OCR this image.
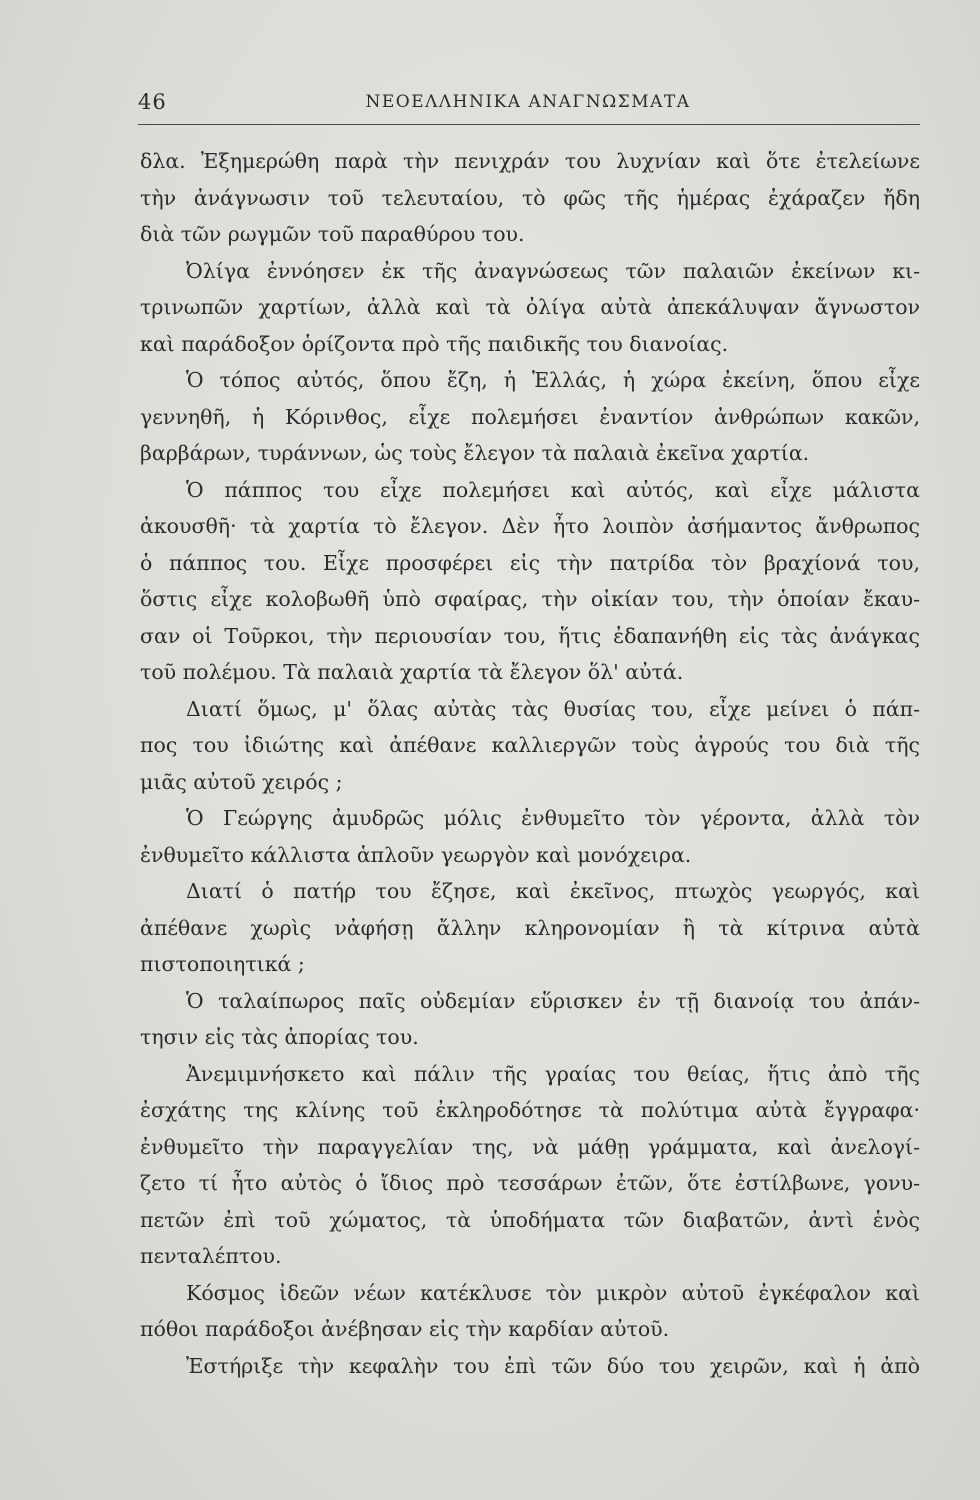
46	ΝΕΟΕΛΛΗΝΙΚΑ ΑΝΑΓΝΩΣΜΑΤΑ
δλα. Ἐξημερώθη παρὰ τὴν πενιχράν του λυχνίαν καὶ ὅτε ἐτελείωνε
τὴν ἀνάγνωσιν τοῦ τελευταίου, τὸ φῶς τῆς ἡμέρας ἐχάραζεν ἤδη
διὰ τῶν ρωγμῶν τοῦ παραθύρου του.
Ὀλίγα ἐννόησεν ἐκ τῆς ἀναγνώσεως τῶν παλαιῶν ἐκείνων κι-
τρινωπῶν χαρτίων, ἀλλὰ καὶ τὰ ὀλίγα αὐτὰ ἀπεκάλυψαν ἄγνωστον
καὶ παράδοξον ὁρίζοντα πρὸ τῆς παιδικῆς του διανοίας.
Ὁ τόπος αὐτός, ὅπου ἔζη, ἡ Ἑλλάς, ἡ χώρα ἐκείνη, ὅπου εἶχε
γεννηθῆ, ἡ Κόρινθος, εἶχε πολεμήσει ἐναντίον ἀνθρώπων κακῶν,
βαρβάρων, τυράννων, ὡς τοὺς ἔλεγον τὰ παλαιὰ ἐκεῖνα χαρτία.
Ὁ πάππος του εἶχε πολεμήσει καὶ αὐτός, καὶ εἶχε μάλιστα
ἀκουσθῆ· τὰ χαρτία τὸ ἔλεγον. Δὲν ἦτο λοιπὸν ἀσήμαντος ἄνθρωπος
ὁ πάππος του. Εἶχε προσφέρει εἰς τὴν πατρίδα τὸν βραχίονά του,
ὅστις εἶχε κολοβωθῆ ὑπὸ σφαίρας, τὴν οἰκίαν του, τὴν ὁποίαν ἔκαυ-
σαν οἱ Τοῦρκοι, τὴν περιουσίαν του, ἥτις ἐδαπανήθη εἰς τὰς ἀνάγκας
τοῦ πολέμου. Τὰ παλαιὰ χαρτία τὰ ἔλεγον ὅλ' αὐτά.
Διατί ὅμως, μ' ὅλας αὐτὰς τὰς θυσίας του, εἶχε μείνει ὁ πάπ-
πος του ἰδιώτης καὶ ἀπέθανε καλλιεργῶν τοὺς ἀγρούς του διὰ τῆς
μιᾶς αὐτοῦ χειρός ;
Ὁ Γεώργης ἀμυδρῶς μόλις ἐνθυμεῖτο τὸν γέροντα, ἀλλὰ τὸν
ἐνθυμεῖτο κάλλιστα ἁπλοῦν γεωργὸν καὶ μονόχειρα.
Διατί ὁ πατήρ του ἔζησε, καὶ ἐκεῖνος, πτωχὸς γεωργός, καὶ
ἀπέθανε χωρὶς νἀφήσῃ ἄλλην κληρονομίαν ἢ τὰ κίτρινα αὐτὰ
πιστοποιητικά ;
Ὁ ταλαίπωρος παῖς οὐδεμίαν εὕρισκεν ἐν τῇ διανοίᾳ του ἀπάν-
τησιν εἰς τὰς ἀπορίας του.
Ἀνεμιμνήσκετο καὶ πάλιν τῆς γραίας του θείας, ἥτις ἀπὸ τῆς
ἐσχάτης της κλίνης τοῦ ἐκληροδότησε τὰ πολύτιμα αὐτὰ ἔγγραφα·
ἐνθυμεῖτο τὴν παραγγελίαν της, νὰ μάθῃ γράμματα, καὶ ἀνελογί-
ζετο τί ἦτο αὐτὸς ὁ ἴδιος πρὸ τεσσάρων ἐτῶν, ὅτε ἐστίλβωνε, γονυ-
πετῶν ἐπὶ τοῦ χώματος, τὰ ὑποδήματα τῶν διαβατῶν, ἀντὶ ἑνὸς
πενταλέπτου.
Κόσμος ἰδεῶν νέων κατέκλυσε τὸν μικρὸν αὐτοῦ ἐγκέφαλον καὶ
πόθοι παράδοξοι ἀνέβησαν εἰς τὴν καρδίαν αὐτοῦ.
Ἐστήριξε τὴν κεφαλὴν του ἐπὶ τῶν δύο του χειρῶν, καὶ ἡ ἀπὸ
